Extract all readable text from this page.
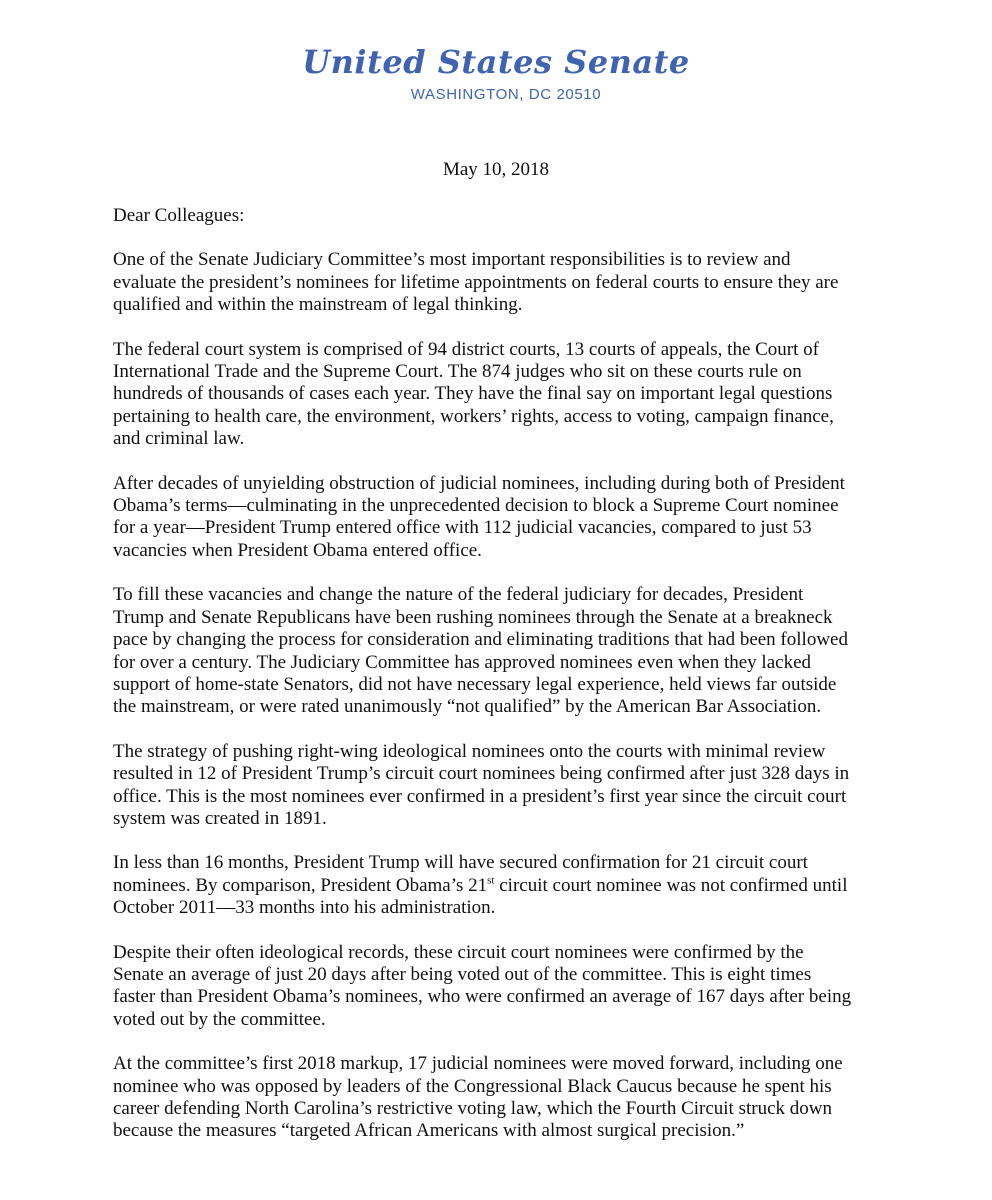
United States Senate
WASHINGTON, DC 20510
May 10, 2018
Dear Colleagues:
One of the Senate Judiciary Committee’s most important responsibilities is to review and
evaluate the president’s nominees for lifetime appointments on federal courts to ensure they are
qualified and within the mainstream of legal thinking.
The federal court system is comprised of 94 district courts, 13 courts of appeals, the Court of
International Trade and the Supreme Court. The 874 judges who sit on these courts rule on
hundreds of thousands of cases each year. They have the final say on important legal questions
pertaining to health care, the environment, workers’ rights, access to voting, campaign finance,
and criminal law.
After decades of unyielding obstruction of judicial nominees, including during both of President
Obama’s terms—culminating in the unprecedented decision to block a Supreme Court nominee
for a year—President Trump entered office with 112 judicial vacancies, compared to just 53
vacancies when President Obama entered office.
To fill these vacancies and change the nature of the federal judiciary for decades, President
Trump and Senate Republicans have been rushing nominees through the Senate at a breakneck
pace by changing the process for consideration and eliminating traditions that had been followed
for over a century. The Judiciary Committee has approved nominees even when they lacked
support of home-state Senators, did not have necessary legal experience, held views far outside
the mainstream, or were rated unanimously “not qualified” by the American Bar Association.
The strategy of pushing right-wing ideological nominees onto the courts with minimal review
resulted in 12 of President Trump’s circuit court nominees being confirmed after just 328 days in
office. This is the most nominees ever confirmed in a president’s first year since the circuit court
system was created in 1891.
In less than 16 months, President Trump will have secured confirmation for 21 circuit court
nominees. By comparison, President Obama’s 21st circuit court nominee was not confirmed until
October 2011—33 months into his administration.
Despite their often ideological records, these circuit court nominees were confirmed by the
Senate an average of just 20 days after being voted out of the committee. This is eight times
faster than President Obama’s nominees, who were confirmed an average of 167 days after being
voted out by the committee.
At the committee’s first 2018 markup, 17 judicial nominees were moved forward, including one
nominee who was opposed by leaders of the Congressional Black Caucus because he spent his
career defending North Carolina’s restrictive voting law, which the Fourth Circuit struck down
because the measures “targeted African Americans with almost surgical precision.”
